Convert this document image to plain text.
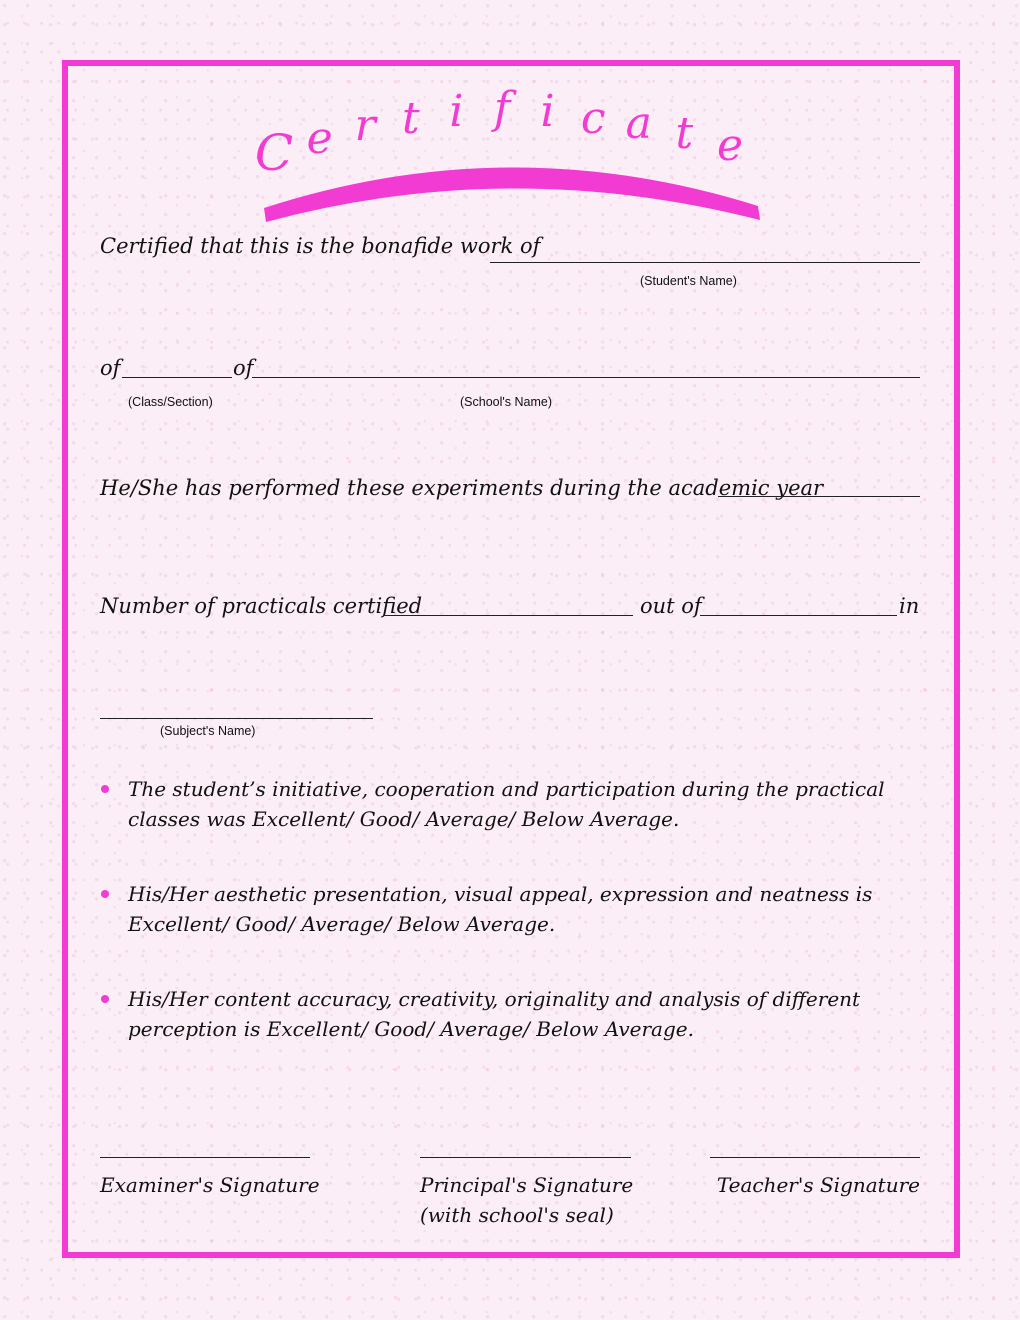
C e r t i f i c a t e
Certified that this is the bonafide work of
(Student's Name)
of	of
(Class/Section)	(School's Name)
He/She has performed these experiments during the academic year
Number of practicals certified	out of	in
(Subject's Name)
The student’s initiative, cooperation and participation during the practical classes was Excellent/ Good/ Average/ Below Average.
His/Her aesthetic presentation, visual appeal, expression and neatness is Excellent/ Good/ Average/ Below Average.
His/Her content accuracy, creativity, originality and analysis of different perception is Excellent/ Good/ Average/ Below Average.
Examiner's Signature	Principal's Signature
(with school's seal)
Teacher's Signature
